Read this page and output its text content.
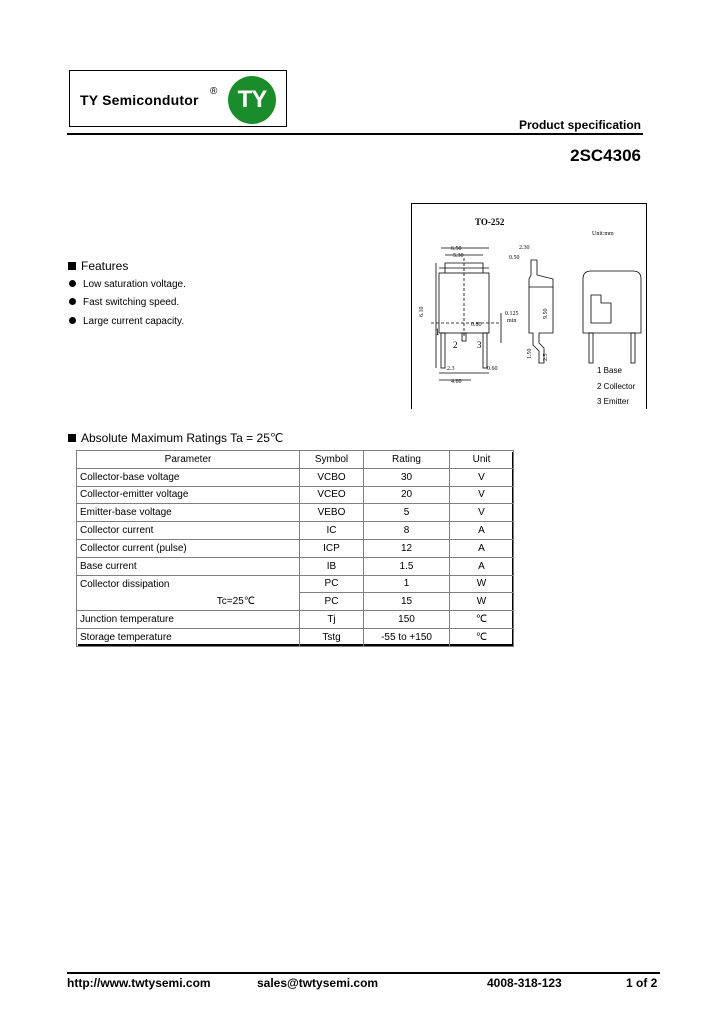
TY Semicondutor
® TY
Product specification
2SC4306
Features
Low saturation voltage.
Fast switching speed.
Large current capacity.
TO-252
Unit:mm
6.50
5.30
2.30
0.50
6.10	0.125
min
0.80
2.3
4.60
0.60
1.50
9.50
2.5
1
2 3
1 Base
2 Collector
3 Emitter
Absolute Maximum Ratings Ta = 25℃
Parameter	Symbol	Rating	Unit
Collector-base voltage	VCBO	30	V
Collector-emitter voltage	VCEO	20	V
Emitter-base voltage	VEBO	5	V
Collector current	IC	8	A
Collector current (pulse)	ICP	12	A
Base current	IB	1.5	A
Collector dissipation	PC	1	W
Tc=25℃	PC	15	W
Junction temperature	Tj	150	℃
Storage temperature	Tstg	-55 to +150	℃
http://www.twtysemi.com	sales@twtysemi.com	4008-318-123	1 of 2
